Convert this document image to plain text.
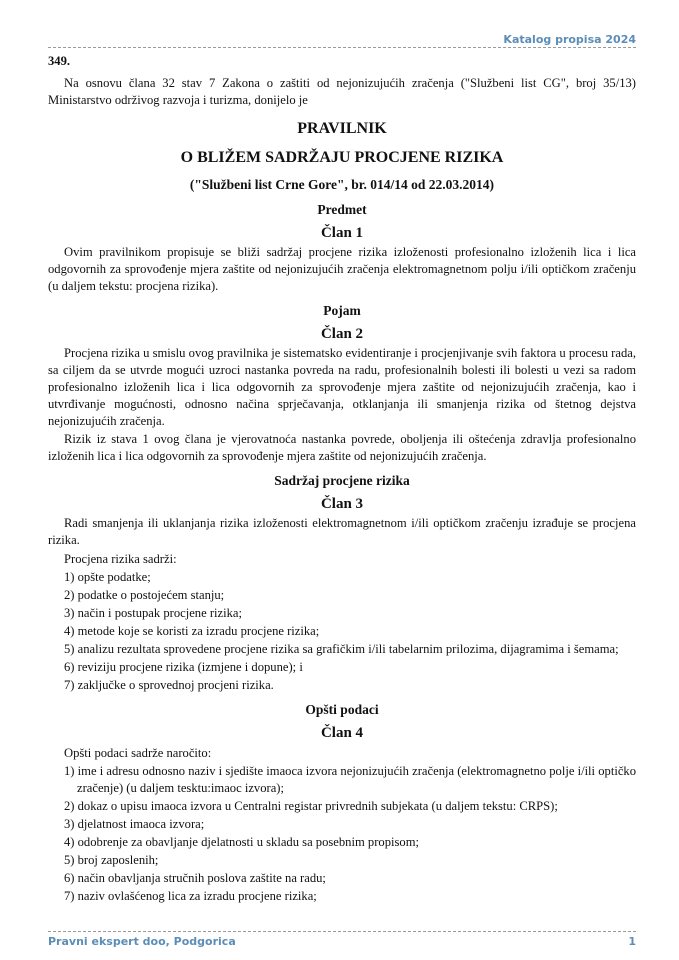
Katalog propisa 2024
349.

Na osnovu člana 32 stav 7 Zakona o zaštiti od nejonizujućih zračenja ("Službeni list CG", broj 35/13) Ministarstvo održivog razvoja i turizma, donijelo je

PRAVILNIK
O BLIŽEM SADRŽAJU PROCJENE RIZIKA
("Službeni list Crne Gore", br. 014/14 od 22.03.2014)
Predmet
Član 1

Ovim pravilnikom propisuje se bliži sadržaj procjene rizika izloženosti profesionalno izloženih lica i lica odgovornih za sprovođenje mjera zaštite od nejonizujućih zračenja elektromagnetnom polju i/ili optičkom zračenju (u daljem tekstu: procjena rizika).

Pojam
Član 2

Procjena rizika u smislu ovog pravilnika je sistematsko evidentiranje i procjenjivanje svih faktora u procesu rada, sa ciljem da se utvrde mogući uzroci nastanka povreda na radu, profesionalnih bolesti ili bolesti u vezi sa radom profesionalno izloženih lica i lica odgovornih za sprovođenje mjera zaštite od nejonizujućih zračenja, kao i utvrđivanje mogućnosti, odnosno načina sprječavanja, otklanjanja ili smanjenja rizika od štetnog dejstva nejonizujućih zračenja.

Rizik iz stava 1 ovog člana je vjerovatnoća nastanka povrede, oboljenja ili oštećenja zdravlja profesionalno izloženih lica i lica odgovornih za sprovođenje mjera zaštite od nejonizujućih zračenja.

Sadržaj procjene rizika
Član 3

Radi smanjenja ili uklanjanja rizika izloženosti elektromagnetnom i/ili optičkom zračenju izrađuje se procjena rizika.

Procjena rizika sadrži:
1) opšte podatke;
2) podatke o postojećem stanju;
3) način i postupak procjene rizika;
4) metode koje se koristi za izradu procjene rizika;
5) analizu rezultata sprovedene procjene rizika sa grafičkim i/ili tabelarnim prilozima, dijagramima i šemama;
6) reviziju procjene rizika (izmjene i dopune); i
7) zaključke o sprovednoj procjeni rizika.
Opšti podaci
Član 4
Opšti podaci sadrže naročito:
1) ime i adresu odnosno naziv i sjedište imaoca izvora nejonizujućih zračenja (elektromagnetno polje i/ili optičko zračenje) (u daljem tesktu:imaoc izvora);
2) dokaz o upisu imaoca izvora u Centralni registar privrednih subjekata (u daljem tekstu: CRPS);
3) djelatnost imaoca izvora;
4) odobrenje za obavljanje djelatnosti u skladu sa posebnim propisom;
5) broj zaposlenih;
6) način obavljanja stručnih poslova zaštite na radu;
7) naziv ovlašćenog lica za izradu procjene rizika;
Pravni ekspert doo, Podgorica	1
